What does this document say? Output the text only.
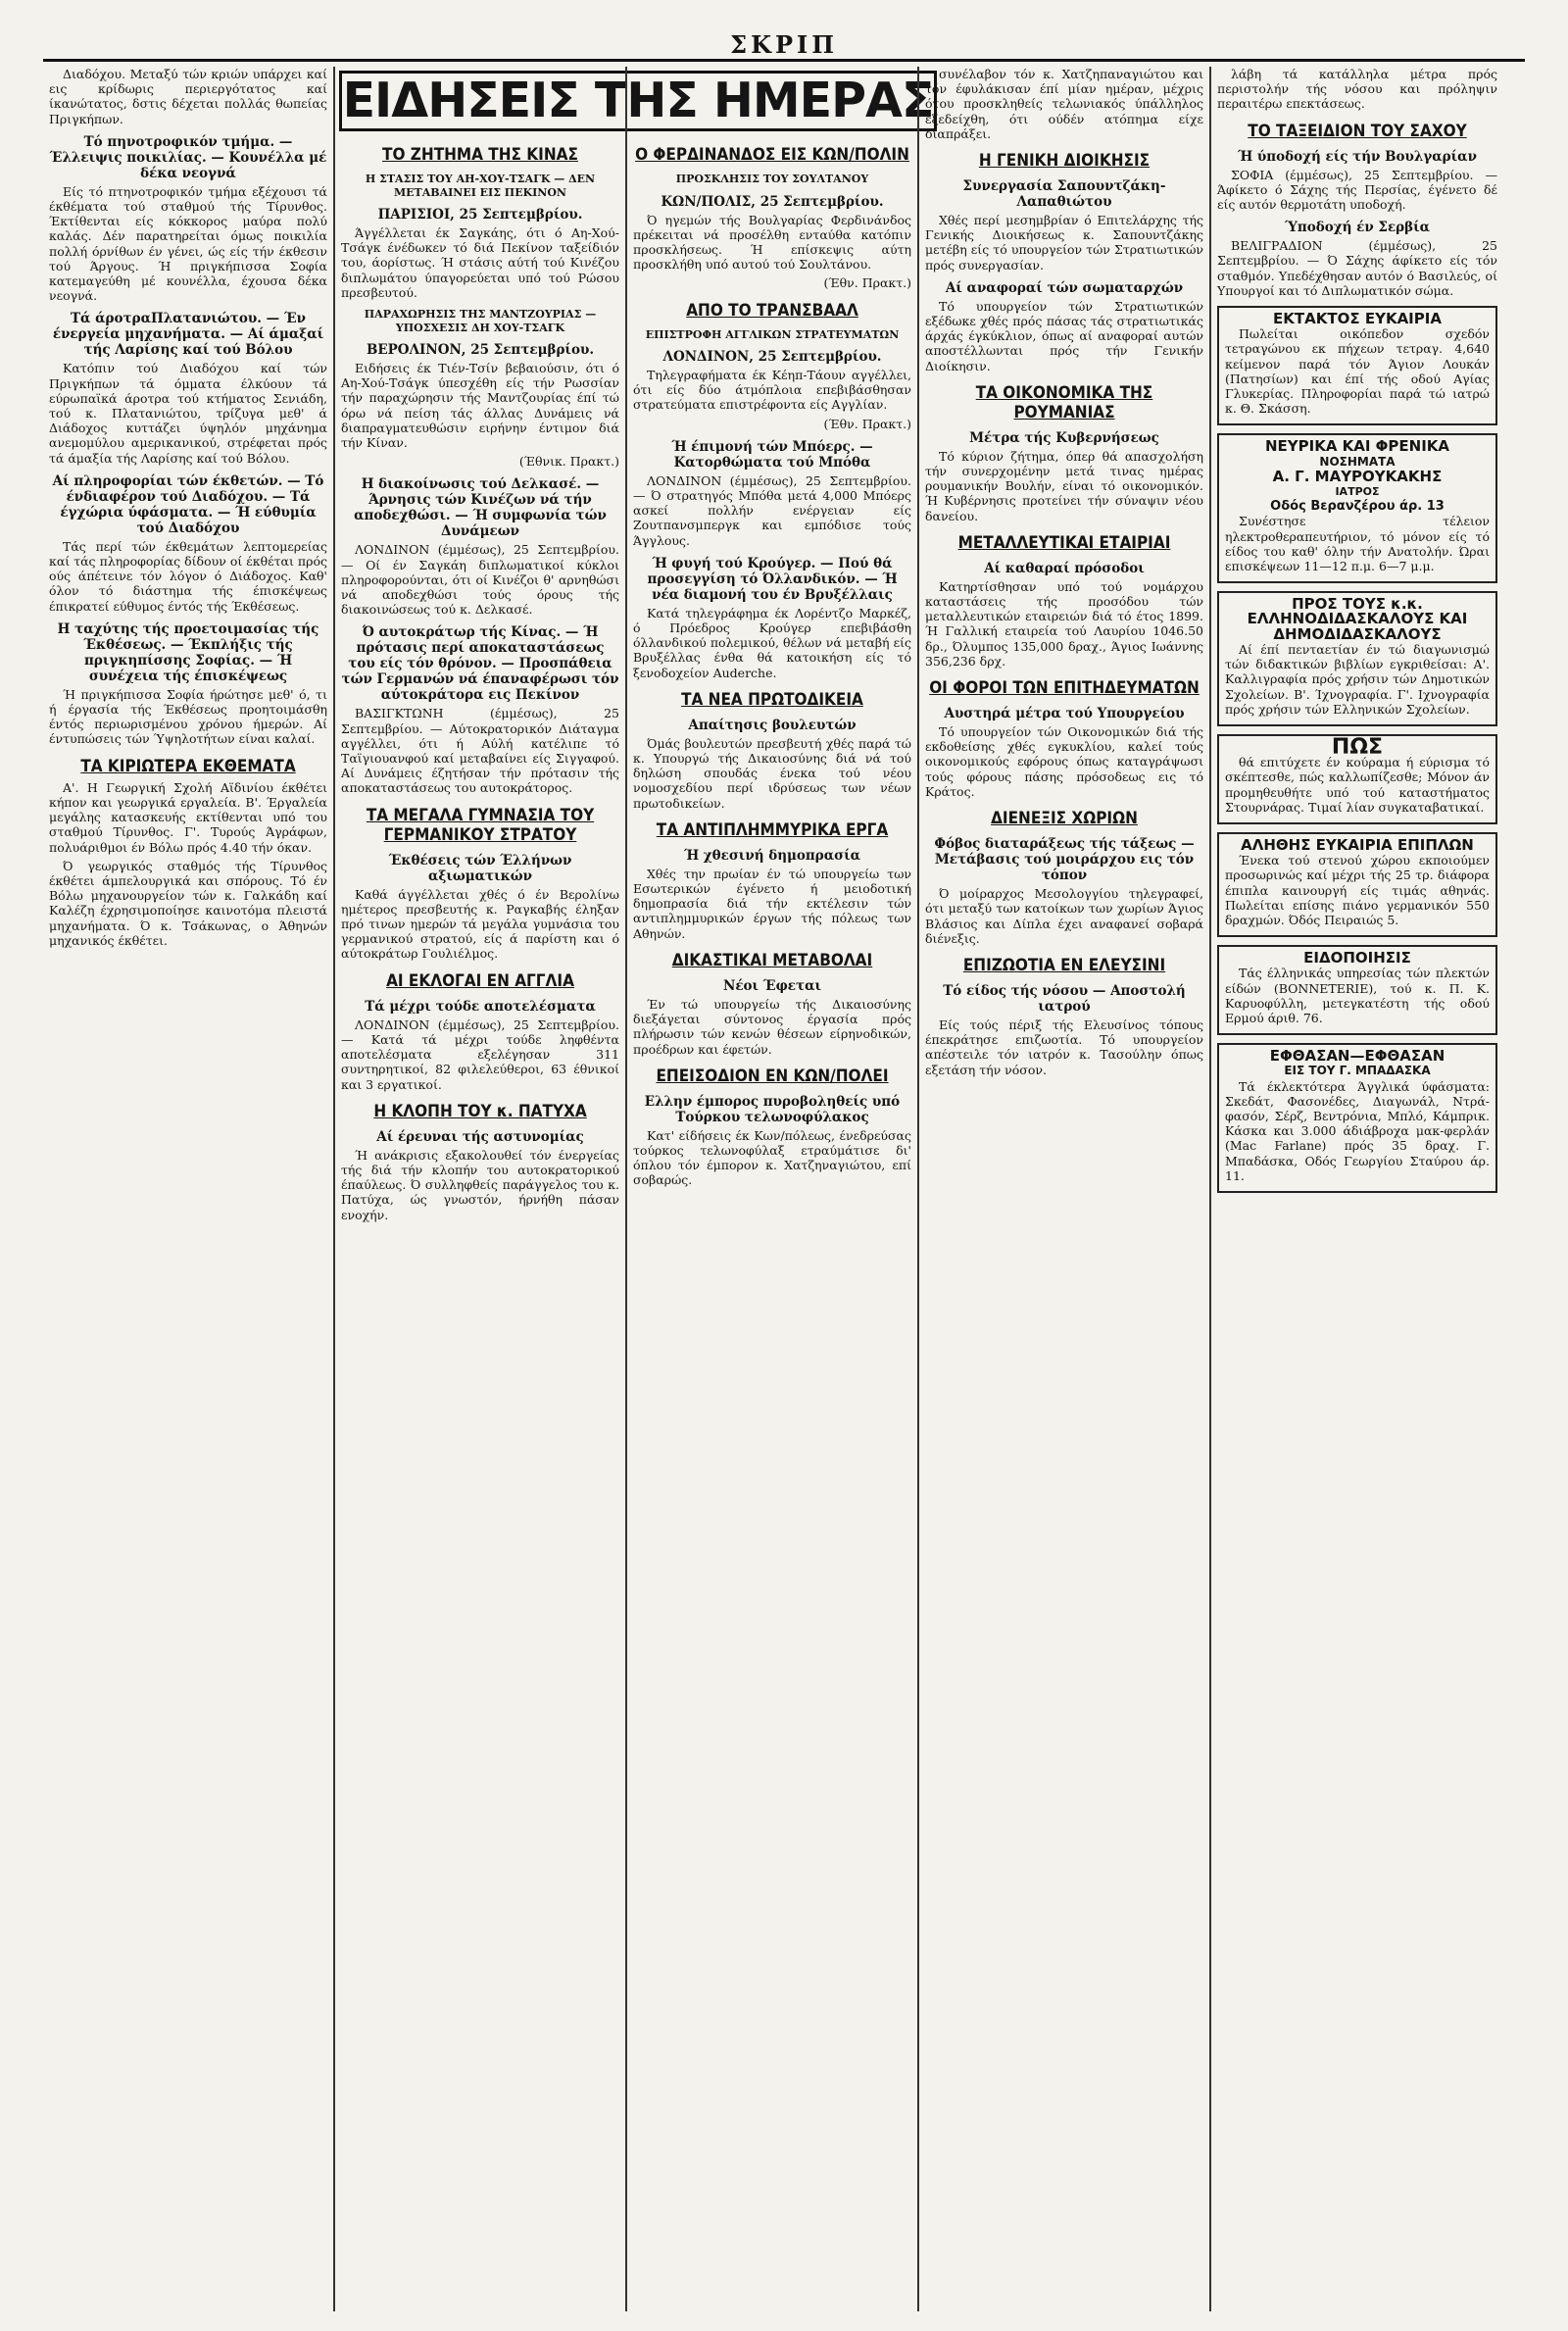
ΣΚΡΙΠ
ΕΙΔΗΣΕΙΣ ΤΗΣ ΗΜΕΡΑΣ

Διαδόχου. Μεταξύ τών κριών υπάρχει καί εις κρίδωρις περιεργότατος καί ίκανώτατος, δστις δέχεται πολλάς θωπείας Πριγκήπων.

Τό πηνοτροφικόν τμήμα. — Έλλειψις ποικιλίας. — Κουνέλλα μέ δέκα νεογνά

Είς τό πτηνοτροφικόν τμήμα εξέχουσι τά έκθέματα τού σταθμού τής Τίρυνθος. Έκτίθενται είς κόκκορος μαύρα πολύ καλάς. Δέν παρατηρείται όμως ποικιλία πολλή όρνίθων έν γένει, ώς είς τήν έκθεσιν τού Άργους. Ή πριγκήπισσα Σοφία κατεμαγεύθη μέ κουνέλλα, έχουσα δέκα νεογνά.

Τά άροτραΠλατανιώτου. — Έν ένεργεία μηχανήματα. — Αί άμαξαί τής Λαρίσης καί τού Βόλου

Κατόπιν τού Διαδόχου καί τών Πριγκήπων τά όμματα έλκύουν τά εύρωπαϊκά άροτρα τού κτήματος Σενιάδη, τού κ. Πλατανιώτου, τρίζυγα μεθ' ά Διάδοχος κυττάζει ύψηλόν μηχάνημα ανεμομύλου αμερικανικού, στρέφεται πρός τά άμαξία τής Λαρίσης καί τού Βόλου.

Αί πληροφορίαι τών έκθετών. — Τό ένδιαφέρον τού Διαδόχου. — Τά έγχώρια ύφάσματα. — Ή εύθυμία τού Διαδόχου

Τάς περί τών έκθεμάτων λεπτομερείας καί τάς πληροφορίας δίδουν οί έκθέται πρός ούς άπέτεινε τόν λόγον ό Διάδοχος. Καθ' όλον τό διάστημα τής έπισκέψεως έπικρατεί εύθυμος έντός τής Έκθέσεως.

Η ταχύτης τής προετοιμασίας τής Έκθέσεως. — Έκπλήξις τής πριγκηπίσσης Σοφίας. — Ή συνέχεια τής έπισκέψεως

Ή πριγκήπισσα Σοφία ήρώτησε μεθ' ό, τι ή έργασία τής Έκθέσεως προητοιμάσθη έντός περιωρισμένου χρόνου ήμερών. Αί έντυπώσεις τών Ύψηλοτήτων είναι καλαί.

ΤΑ ΚΙΡΙΩΤΕΡΑ ΕΚΘΕΜΑΤΑ

Α'. Η Γεωργική Σχολή Αϊδινίου έκθέτει κήπον και γεωργικά εργαλεία. Β'. Έργαλεία μεγάλης κατασκευής εκτίθενται υπό του σταθμού Τίρυνθος. Γ'. Τυρούς Άγράφων, πολυάριθμοι έν Βόλω πρός 4.40 τήν όκαν.

Ό γεωργικός σταθμός τής Τίρυνθος έκθέτει άμπελουργικά και σπόρους. Τό έν Βόλω μηχανουργείον τών κ. Γαλκάδη καί Καλέζη έχρησιμοποίησε καινοτόμα πλειστά μηχανήματα. Ό κ. Τσάκωνας, ο Άθηνών μηχανικός έκθέτει.

ΤΟ ΖΗΤΗΜΑ ΤΗΣ ΚΙΝΑΣ
Η ΣΤΑΣΙΣ ΤΟΥ ΑΗ-ΧΟΥ-ΤΣΑΓΚ — ΔΕΝ ΜΕΤΑΒΑΙΝΕΙ ΕΙΣ ΠΕΚΙΝΟΝ
ΠΑΡΙΣΙΟΙ, 25 Σεπτεμβρίου.

Άγγέλλεται έκ Σαγκάης, ότι ό Αη-Χού-Τσάγκ ένέδωκεν τό διά Πεκίνον ταξείδιόν του, άορίστως. Ή στάσις αύτή τού Κινέζου διπλωμάτου ύπαγορεύεται υπό τού Ρώσου πρεσβευτού.

ΠΑΡΑΧΩΡΗΣΙΣ ΤΗΣ ΜΑΝΤΖΟΥΡΙΑΣ — ΥΠΟΣΧΕΣΙΣ ΔΗ ΧΟΥ-ΤΣΑΓΚ
ΒΕΡΟΛΙΝΟΝ, 25 Σεπτεμβρίου.

Ειδήσεις έκ Τιέν-Τσίν βεβαιούσιν, ότι ό Αη-Χού-Τσάγκ ύπεσχέθη είς τήν Ρωσσίαν τήν παραχώρησιν τής Μαντζουρίας έπί τώ όρω νά πείση τάς άλλας Δυνάμεις νά διαπραγματευθώσιν ειρήνην έντιμον διά τήν Κίναν.

(Έθνικ. Πρακτ.)

Η διακοίνωσις τού Δελκασέ. — Άρνησις τών Κινέζων νά τήν αποδεχθώσι. — Ή συμφωνία τών Δυνάμεων

ΛΟΝΔΙΝΟΝ (έμμέσως), 25 Σεπτεμβρίου. — Οί έν Σαγκάη διπλωματικοί κύκλοι πληροφορούνται, ότι οί Κινέζοι θ' αρνηθώσι νά αποδεχθώσι τούς όρους τής διακοινώσεως τού κ. Δελκασέ.

Ό αυτοκράτωρ τής Κίνας. — Ή πρότασις περί αποκαταστάσεως του είς τόν θρόνον. — Προσπάθεια τών Γερμανών νά έπαναφέρωσι τόν αύτοκράτορα εις Πεκίνον

ΒΑΣΙΓΚΤΩΝΗ (έμμέσως), 25 Σεπτεμβρίου. — Αύτοκρατορικόν Διάταγμα αγγέλλει, ότι ή Αύλή κατέλιπε τό Ταϊγιουανφού καί μεταβαίνει είς Σιγγαφού. Αί Δυνάμεις έζητήσαν τήν πρότασιν τής αποκαταστάσεως του αυτοκράτορος.

ΤΑ ΜΕΓΑΛΑ ΓΥΜΝΑΣΙΑ ΤΟΥ ΓΕΡΜΑΝΙΚΟΥ ΣΤΡΑΤΟΥ
Έκθέσεις τών Έλλήνων αξιωματικών

Καθά άγγέλλεται χθές ό έν Βερολίνω ημέτερος πρεσβευτής κ. Ραγκαβής έληξαν πρό τινων ημερών τά μεγάλα γυμνάσια του γερμανικού στρατού, είς ά παρίστη και ό αύτοκράτωρ Γουλιέλμος.

ΑΙ ΕΚΛΟΓΑΙ ΕΝ ΑΓΓΛΙΑ
Τά μέχρι τούδε αποτελέσματα

ΛΟΝΔΙΝΟΝ (έμμέσως), 25 Σεπτεμβρίου. — Κατά τά μέχρι τούδε ληφθέντα αποτελέσματα εξελέγησαν 311 συντηρητικοί, 82 φιλελεύθεροι, 63 έθνικοί και 3 εργατικοί.

Η ΚΛΟΠΗ ΤΟΥ κ. ΠΑΤΥΧΑ
Αί έρευναι τής αστυνομίας

Ή ανάκρισις εξακολουθεί τόν ένεργείας τής διά τήν κλοπήν του αυτοκρατορικού έπαύλεως. Ό συλληφθείς παράγγελος του κ. Πατύχα, ώς γνωστόν, ήρνήθη πάσαν ενοχήν.

Ο ΦΕΡΔΙΝΑΝΔΟΣ ΕΙΣ ΚΩΝ/ΠΟΛΙΝ
ΠΡΟΣΚΛΗΣΙΣ ΤΟΥ ΣΟΥΛΤΑΝΟΥ
ΚΩΝ/ΠΟΛΙΣ, 25 Σεπτεμβρίου.

Ό ηγεμών τής Βουλγαρίας Φερδινάνδος πρέκειται νά προσέλθη ενταύθα κατόπιν προσκλήσεως. Ή επίσκεψις αύτη προσκλήθη υπό αυτού τού Σουλτάνου.

(Έθν. Πρακτ.)

ΑΠΟ ΤΟ ΤΡΑΝΣΒΑΑΛ
ΕΠΙΣΤΡΟΦΗ ΑΓΓΛΙΚΩΝ ΣΤΡΑΤΕΥΜΑΤΩΝ
ΛΟΝΔΙΝΟΝ, 25 Σεπτεμβρίου.

Τηλεγραφήματα έκ Κέηπ-Τάουν αγγέλλει, ότι είς δύο άτμόπλοια επεβιβάσθησαν στρατεύματα επιστρέφοντα είς Αγγλίαν.

(Έθν. Πρακτ.)

Ή έπιμονή τών Μπόερς. — Κατορθώματα τού Μπόθα

ΛΟΝΔΙΝΟΝ (έμμέσως), 25 Σεπτεμβρίου. — Ό στρατηγός Μπόθα μετά 4,000 Μπόερς ασκεί πολλήν ενέργειαν είς Ζουτπανσμπεργκ και εμπόδισε τούς Άγγλους.

Ή φυγή τού Κρούγερ. — Πού θά προσεγγίση τό Όλλανδικόν. — Ή νέα διαμονή του έν Βρυξέλλαις

Κατά τηλεγράφημα έκ Λορέντζο Μαρκέζ, ό Πρόεδρος Κρούγερ επεβιβάσθη όλλανδικού πολεμικού, θέλων νά μεταβή είς Βρυξέλλας ένθα θά κατοικήση είς τό ξενοδοχείον Auderche.

ΤΑ ΝΕΑ ΠΡΩΤΟΔΙΚΕΙΑ
Απαίτησις βουλευτών

Όμάς βουλευτών πρεσβευτή χθές παρά τώ κ. Υπουργώ τής Δικαιοσύνης διά νά τού δηλώση σπουδάς ένεκα τού νέου νομοσχεδίου περί ιδρύσεως των νέων πρωτοδικείων.

ΤΑ ΑΝΤΙΠΛΗΜΜΥΡΙΚΑ ΕΡΓΑ
Ή χθεσινή δημοπρασία

Χθές την πρωίαν έν τώ υπουργείω των Εσωτερικών έγένετο ή μειοδοτική δημοπρασία διά τήν εκτέλεσιν τών αντιπλημμυρικών έργων τής πόλεως των Αθηνών.

ΔΙΚΑΣΤΙΚΑΙ ΜΕΤΑΒΟΛΑΙ
Νέοι Έφεται

Έν τώ υπουργείω τής Δικαιοσύνης διεξάγεται σύντονος έργασία πρός πλήρωσιν τών κενών θέσεων είρηνοδικών, προέδρων και έφετών.

ΕΠΕΙΣΟΔΙΟΝ ΕΝ ΚΩΝ/ΠΟΛΕΙ
Ελλην έμπορος πυροβοληθείς υπό Τούρκου τελωνοφύλακος

Κατ' είδήσεις έκ Κων/πόλεως, ένεδρεύσας τούρκος τελωνοφύλαξ ετραύμάτισε δι' όπλου τόν έμπορον κ. Χατζηναγιώτου, επί σοβαρώς.

συνέλαβον τόν κ. Χατζηπαναγιώτου και τόν έφυλάκισαν έπί μίαν ημέραν, μέχρις ότου προσκληθείς τελωνιακός ύπάλληλος εξεδείχθη, ότι ούδέν ατόπημα είχε διαπράξει.

Η ΓΕΝΙΚΗ ΔΙΟΙΚΗΣΙΣ
Συνεργασία Σαπουντζάκη-Λαπαθιώτου

Χθές περί μεσημβρίαν ό Επιτελάρχης τής Γενικής Διοικήσεως κ. Σαπουντζάκης μετέβη είς τό υπουργείον τών Στρατιωτικών πρός συνεργασίαν.

Αί αναφοραί τών σωματαρχών

Τό υπουργείον τών Στρατιωτικών εξέδωκε χθές πρός πάσας τάς στρατιωτικάς άρχάς έγκύκλιον, όπως αί αναφοραί αυτών αποστέλλωνται πρός τήν Γενικήν Διοίκησιν.

ΤΑ ΟΙΚΟΝΟΜΙΚΑ ΤΗΣ ΡΟΥΜΑΝΙΑΣ
Μέτρα τής Κυβερνήσεως

Τό κύριον ζήτημα, όπερ θά απασχολήση τήν συνερχομένην μετά τινας ημέρας ρουμανικήν Βουλήν, είναι τό οικονομικόν. Ή Κυβέρνησις προτείνει τήν σύναψιν νέου δανείου.

ΜΕΤΑΛΛΕΥΤΙΚΑΙ ΕΤΑΙΡΙΑΙ
Αί καθαραί πρόσοδοι

Κατηρτίσθησαν υπό τού νομάρχου καταστάσεις τής προσόδου τών μεταλλευτικών εταιρειών διά τό έτος 1899. Ή Γαλλική εταιρεία τού Λαυρίου 1046.50 δρ., Όλυμπος 135,000 δραχ., Άγιος Ιωάννης 356,236 δρχ.

ΟΙ ΦΟΡΟΙ ΤΩΝ ΕΠΙΤΗΔΕΥΜΑΤΩΝ
Αυστηρά μέτρα τού Υπουργείου

Τό υπουργείον τών Οικονομικών διά τής εκδοθείσης χθές εγκυκλίου, καλεί τούς οικονομικούς εφόρους όπως καταγράψωσι τούς φόρους πάσης πρόσοδεως εις τό Κράτος.

ΔΙΕΝΕΞΙΣ ΧΩΡΙΩΝ
Φόβος διαταράξεως τής τάξεως — Μετάβασις τού μοιράρχου εις τόν τόπον

Ό μοίραρχος Μεσολογγίου τηλεγραφεί, ότι μεταξύ των κατοίκων των χωρίων Άγιος Βλάσιος και Δίπλα έχει αναφανεί σοβαρά διένεξις.

ΕΠΙΖΩΟΤΙΑ ΕΝ ΕΛΕΥΣΙΝΙ
Τό είδος τής νόσου — Αποστολή ιατρού

Είς τούς πέριξ τής Ελευσίνος τόπους έπεκράτησε επιζωοτία. Τό υπουργείον απέστειλε τόν ιατρόν κ. Τασούλην όπως εξετάση τήν νόσον.

λάβη τά κατάλληλα μέτρα πρός περιστολήν τής νόσου και πρόληψιν περαιτέρω επεκτάσεως.

ΤΟ ΤΑΞΕΙΔΙΟΝ ΤΟΥ ΣΑΧΟΥ
Ή ύποδοχή είς τήν Βουλγαρίαν

ΣΟΦΙΑ (έμμέσως), 25 Σεπτεμβρίου. — Άφίκετο ό Σάχης τής Περσίας, έγένετο δέ είς αυτόν θερμοτάτη υποδοχή.

Ύποδοχή έν Σερβία

ΒΕΛΙΓΡΑΔΙΟΝ (έμμέσως), 25 Σεπτεμβρίου. — Ό Σάχης άφίκετο είς τόν σταθμόν. Υπεδέχθησαν αυτόν ό Βασιλεύς, οί Υπουργοί και τό Διπλωματικόν σώμα.

ΕΚΤΑΚΤΟΣ ΕΥΚΑΙΡΙΑ

Πωλείται οικόπεδον σχεδόν τετραγώνου εκ πήχεων τετραγ. 4,640 κείμενον παρά τόν Άγιον Λουκάν (Πατησίων) και έπί τής οδού Αγίας Γλυκερίας. Πληροφορίαι παρά τώ ιατρώ κ. Θ. Σκάσση.

ΝΕΥΡΙΚΑ ΚΑΙ ΦΡΕΝΙΚΑ
ΝΟΣΗΜΑΤΑ
Α. Γ. ΜΑΥΡΟΥΚΑΚΗΣ
ΙΑΤΡΟΣ
Οδός Βερανζέρου άρ. 13

Συνέστησε τέλειον ηλεκτροθεραπευτήριον, τό μόνον είς τό είδος του καθ' όλην τήν Ανατολήν. Ώραι επισκέψεων 11—12 π.μ. 6—7 μ.μ.

ΠΡΟΣ ΤΟΥΣ κ.κ. ΕΛΛΗΝΟΔΙΔΑΣΚΑΛΟΥΣ ΚΑΙ ΔΗΜΟΔΙΔΑΣΚΑΛΟΥΣ

Αί έπί πενταετίαν έν τώ διαγωνισμώ τών διδακτικών βιβλίων εγκριθείσαι: Α'. Καλλιγραφία πρός χρήσιν τών Δημοτικών Σχολείων. Β'. Ίχνογραφία. Γ'. Ιχνογραφία πρός χρήσιν τών Ελληνικών Σχολείων.

ΠΩΣ

θά επιτύχετε έν κούραμα ή εύρισμα τό σκέπτεσθε, πώς καλλωπίζεσθε; Μόνον άν προμηθευθήτε υπό τού καταστήματος Στουρνάρας. Τιμαί λίαν συγκαταβατικαί.

ΑΛΗΘΗΣ ΕΥΚΑΙΡΙΑ ΕΠΙΠΛΩΝ

Ένεκα τού στενού χώρου εκποιούμεν προσωρινώς καί μέχρι τής 25 τρ. διάφορα έπιπλα καινουργή είς τιμάς αθηνάς. Πωλείται επίσης πιάνο γερμανικόν 550 δραχμών. Όδός Πειραιώς 5.

ΕΙΔΟΠΟΙΗΣΙΣ

Τάς έλληνικάς υπηρεσίας τών πλεκτών είδών (BONNETERIE), τού κ. Π. Κ. Καρυοφύλλη, μετεγκατέστη τής οδού Ερμού άριθ. 76.

ΕΦΘΑΣΑΝ—ΕΦΘΑΣΑΝ
ΕΙΣ ΤΟΥ Γ. ΜΠΑΔΑΣΚΑ

Τά έκλεκτότερα Άγγλικά ύφάσματα: Σκεδάτ, Φασονέδες, Διαγωνάλ, Ντρά-φασόν, Σέρζ, Βεντρόνια, Μπλό, Κάμπρικ. Κάσκα και 3.000 άδιάβροχα μακ-φερλάν (Mac Farlane) πρός 35 δραχ. Γ. Μπαδάσκα, Οδός Γεωργίου Σταύρου άρ. 11.
